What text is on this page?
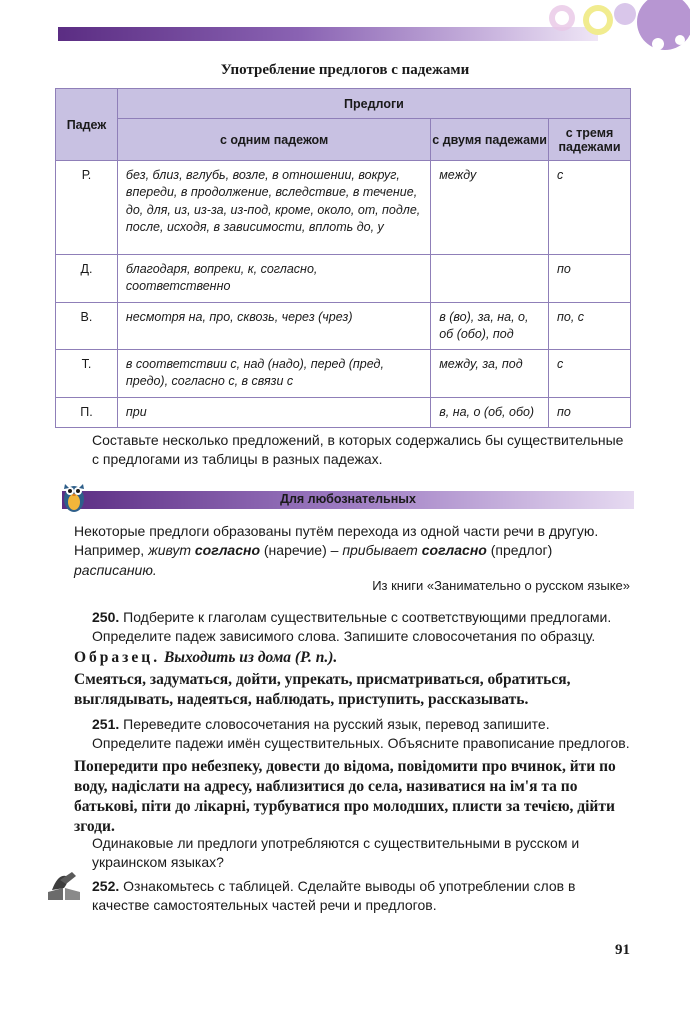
Употребление предлогов с падежами
Падеж	Предлоги		
	с одним падежом	с двумя падежами	с тремя падежами
Р.	без, близ, вглубь, возле, в отношении, вокруг, впереди, в продолжение, вследствие, в течение, до, для, из, из-за, из-под, кроме, около, от, подле, после, исходя, в зависимости, вплоть до, у	между	с
Д.	благодаря, вопреки, к, согласно, соответственно		по
В.	несмотря на, про, сквозь, через (чрез)	в (во), за, на, о, об (обо), под	по, с
Т.	в соответствии с, над (надо), перед (пред, предо), согласно с, в связи с	между, за, под	с
П.	при	в, на, о (об, обо)	по
Составьте несколько предложений, в которых содержались бы существительные с предлогами из таблицы в разных падежах.
Для любознательных
Некоторые предлоги образованы путём перехода из одной части речи в другую. Например, живут согласно (наречие) – прибывает согласно (предлог) расписанию.
Из книги «Занимательно о русском языке»
250. Подберите к глаголам существительные с соответствующими предлогами. Определите падеж зависимого слова. Запишите словосочетания по образцу.
Образец. Выходить из дома (Р. п.).
Смеяться, задуматься, дойти, упрекать, присматриваться, обратиться, выглядывать, надеяться, наблюдать, приступить, рассказывать.
251. Переведите словосочетания на русский язык, перевод запишите. Определите падежи имён существительных. Объясните правописание предлогов.
Попередити про небезпеку, довести до відома, повідомити про вчинок, йти по воду, надіслати на адресу, наблизитися до села, називатися на ім'я та по батькові, піти до лікарні, турбуватися про молодших, плисти за течією, дійти згоди.
Одинаковые ли предлоги употребляются с существительными в русском и украинском языках?
252. Ознакомьтесь с таблицей. Сделайте выводы об употреблении слов в качестве самостоятельных частей речи и предлогов.
91
